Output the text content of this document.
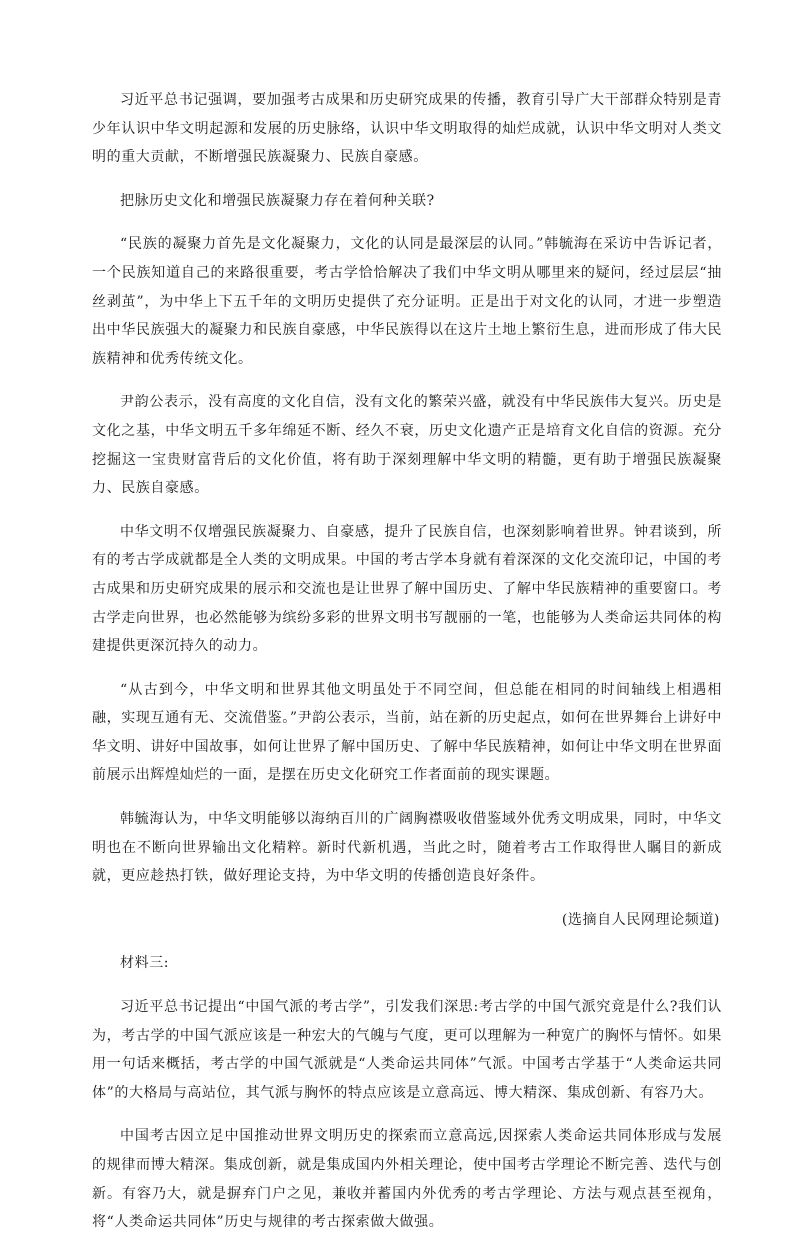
习近平总书记强调，要加强考古成果和历史研究成果的传播，教育引导广大干部群众特别是青少年认识中华文明起源和发展的历史脉络，认识中华文明取得的灿烂成就，认识中华文明对人类文明的重大贡献，不断增强民族凝聚力、民族自豪感。

把脉历史文化和增强民族凝聚力存在着何种关联?

“民族的凝聚力首先是文化凝聚力，文化的认同是最深层的认同。”韩毓海在采访中告诉记者，一个民族知道自己的来路很重要，考古学恰恰解决了我们中华文明从哪里来的疑问，经过层层“抽丝剥茧”，为中华上下五千年的文明历史提供了充分证明。正是出于对文化的认同，才进一步塑造出中华民族强大的凝聚力和民族自豪感，中华民族得以在这片土地上繁衍生息，进而形成了伟大民族精神和优秀传统文化。

尹韵公表示，没有高度的文化自信，没有文化的繁荣兴盛，就没有中华民族伟大复兴。历史是文化之基，中华文明五千多年绵延不断、经久不衰，历史文化遗产正是培育文化自信的资源。充分挖掘这一宝贵财富背后的文化价值，将有助于深刻理解中华文明的精髓，更有助于增强民族凝聚力、民族自豪感。

中华文明不仅增强民族凝聚力、自豪感，提升了民族自信，也深刻影响着世界。钟君谈到，所有的考古学成就都是全人类的文明成果。中国的考古学本身就有着深深的文化交流印记，中国的考古成果和历史研究成果的展示和交流也是让世界了解中国历史、了解中华民族精神的重要窗口。考古学走向世界，也必然能够为缤纷多彩的世界文明书写靓丽的一笔，也能够为人类命运共同体的构建提供更深沉持久的动力。

“从古到今，中华文明和世界其他文明虽处于不同空间，但总能在相同的时间轴线上相遇相融，实现互通有无、交流借鉴。”尹韵公表示，当前，站在新的历史起点，如何在世界舞台上讲好中华文明、讲好中国故事，如何让世界了解中国历史、了解中华民族精神，如何让中华文明在世界面前展示出辉煌灿烂的一面，是摆在历史文化研究工作者面前的现实课题。

韩毓海认为，中华文明能够以海纳百川的广阔胸襟吸收借鉴域外优秀文明成果，同时，中华文明也在不断向世界输出文化精粹。新时代新机遇，当此之时，随着考古工作取得世人瞩目的新成就，更应趁热打铁，做好理论支持，为中华文明的传播创造良好条件。

(选摘自人民网理论频道)

材料三:

习近平总书记提出“中国气派的考古学”，引发我们深思:考古学的中国气派究竟是什么?我们认为，考古学的中国气派应该是一种宏大的气魄与气度，更可以理解为一种宽广的胸怀与情怀。如果用一句话来概括，考古学的中国气派就是“人类命运共同体”气派。中国考古学基于“人类命运共同体”的大格局与高站位，其气派与胸怀的特点应该是立意高远、博大精深、集成创新、有容乃大。

中国考古因立足中国推动世界文明历史的探索而立意高远,因探索人类命运共同体形成与发展的规律而博大精深。集成创新，就是集成国内外相关理论，使中国考古学理论不断完善、迭代与创新。有容乃大，就是摒弃门户之见，兼收并蓄国内外优秀的考古学理论、方法与观点甚至视角，将“人类命运共同体”历史与规律的考古探索做大做强。
